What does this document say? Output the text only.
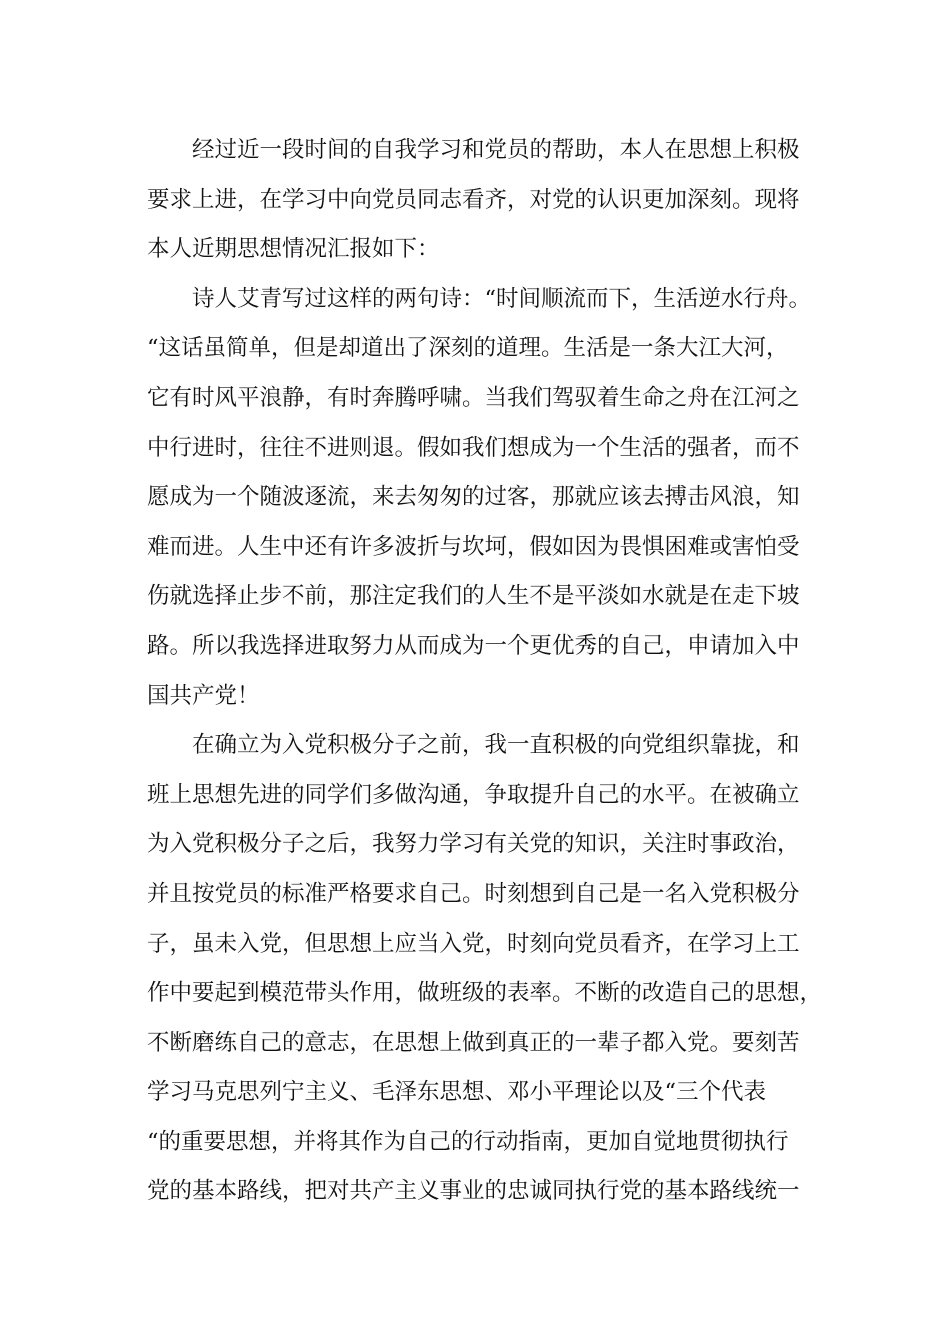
经过近一段时间的自我学习和党员的帮助，本人在思想上积极
要求上进，在学习中向党员同志看齐，对党的认识更加深刻。现将
本人近期思想情况汇报如下：
诗人艾青写过这样的两句诗：“时间顺流而下，生活逆水行舟。
“这话虽简单，但是却道出了深刻的道理。生活是一条大江大河，
它有时风平浪静，有时奔腾呼啸。当我们驾驭着生命之舟在江河之
中行进时，往往不进则退。假如我们想成为一个生活的强者，而不
愿成为一个随波逐流，来去匆匆的过客，那就应该去搏击风浪，知
难而进。人生中还有许多波折与坎坷，假如因为畏惧困难或害怕受
伤就选择止步不前，那注定我们的人生不是平淡如水就是在走下坡
路。所以我选择进取努力从而成为一个更优秀的自己，申请加入中
国共产党！
在确立为入党积极分子之前，我一直积极的向党组织靠拢，和
班上思想先进的同学们多做沟通，争取提升自己的水平。在被确立
为入党积极分子之后，我努力学习有关党的知识，关注时事政治，
并且按党员的标准严格要求自己。时刻想到自己是一名入党积极分
子，虽未入党，但思想上应当入党，时刻向党员看齐，在学习上工
作中要起到模范带头作用，做班级的表率。不断的改造自己的思想，
不断磨练自己的意志，在思想上做到真正的一辈子都入党。要刻苦
学习马克思列宁主义、毛泽东思想、邓小平理论以及“三个代表
“的重要思想，并将其作为自己的行动指南，更加自觉地贯彻执行
党的基本路线，把对共产主义事业的忠诚同执行党的基本路线统一
